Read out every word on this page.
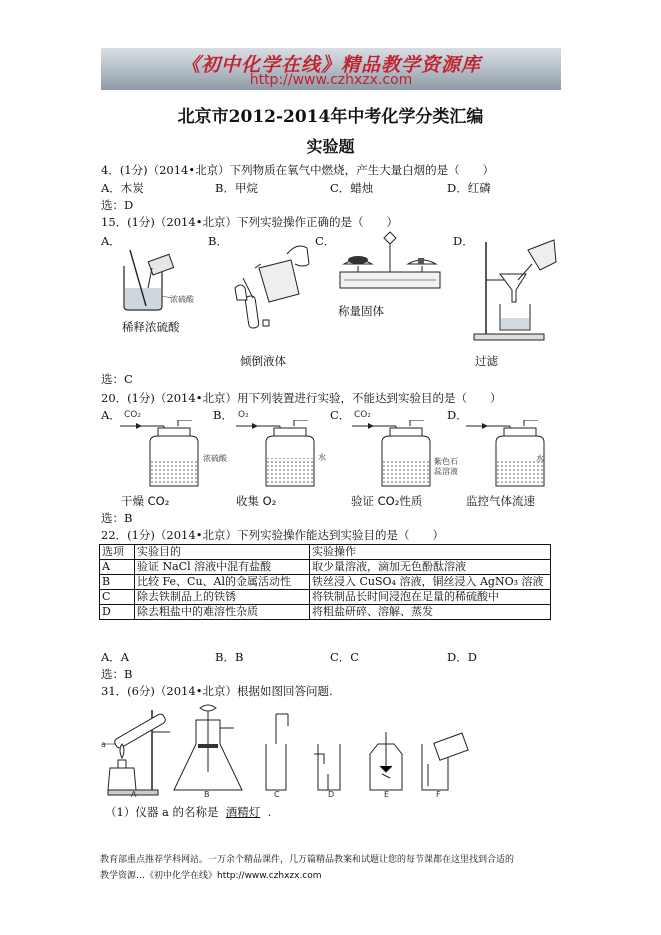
《初中化学在线》精品教学资源库
http://www.czhxzx.com
北京市2012-2014年中考化学分类汇编
实验题
4．(1分)（2014•北京）下列物质在氧气中燃烧，产生大量白烟的是（　　）
A．木炭	B．甲烷	C．蜡烛	D．红磷
选：D
15．(1分)（2014•北京）下列实验操作正确的是（　　）
A．	B．	C．	D．
浓硫酸
稀释浓硫酸
倾倒液体
称量固体
过滤
选：C
20．(1分)（2014•北京）用下列装置进行实验，不能达到实验目的是（　　）
A．	B．	C．	D．
CO₂	O₂	CO₂
浓硫酸	水	紫色石
蕊溶液
水
干燥 CO₂	收集 O₂	验证 CO₂性质	监控气体流速
选：B
22．(1分)（2014•北京）下列实验操作能达到实验目的是（　　）
选项	实验目的	实验操作
A	验证 NaCl 溶液中混有盐酸	取少量溶液，滴加无色酚酞溶液
B	比较 Fe、Cu、Al的金属活动性	铁丝浸入 CuSO₄ 溶液，铜丝浸入 AgNO₃ 溶液
C	除去铁制品上的铁锈	将铁制品长时间浸泡在足量的稀硫酸中
D	除去粗盐中的难溶性杂质	将粗盐研碎、溶解、蒸发
A．A	B．B	C．C	D．D
选：B
31．(6分)（2014•北京）根据如图回答问题.
A	B	C	D	E	F
a
（1）仪器 a 的名称是 酒精灯 .
教育部重点推荐学科网站。一万余个精品课件，几万篇精品教案和试题让您的每节课都在这里找到合适的
教学资源…《初中化学在线》http://www.czhxzx.com
